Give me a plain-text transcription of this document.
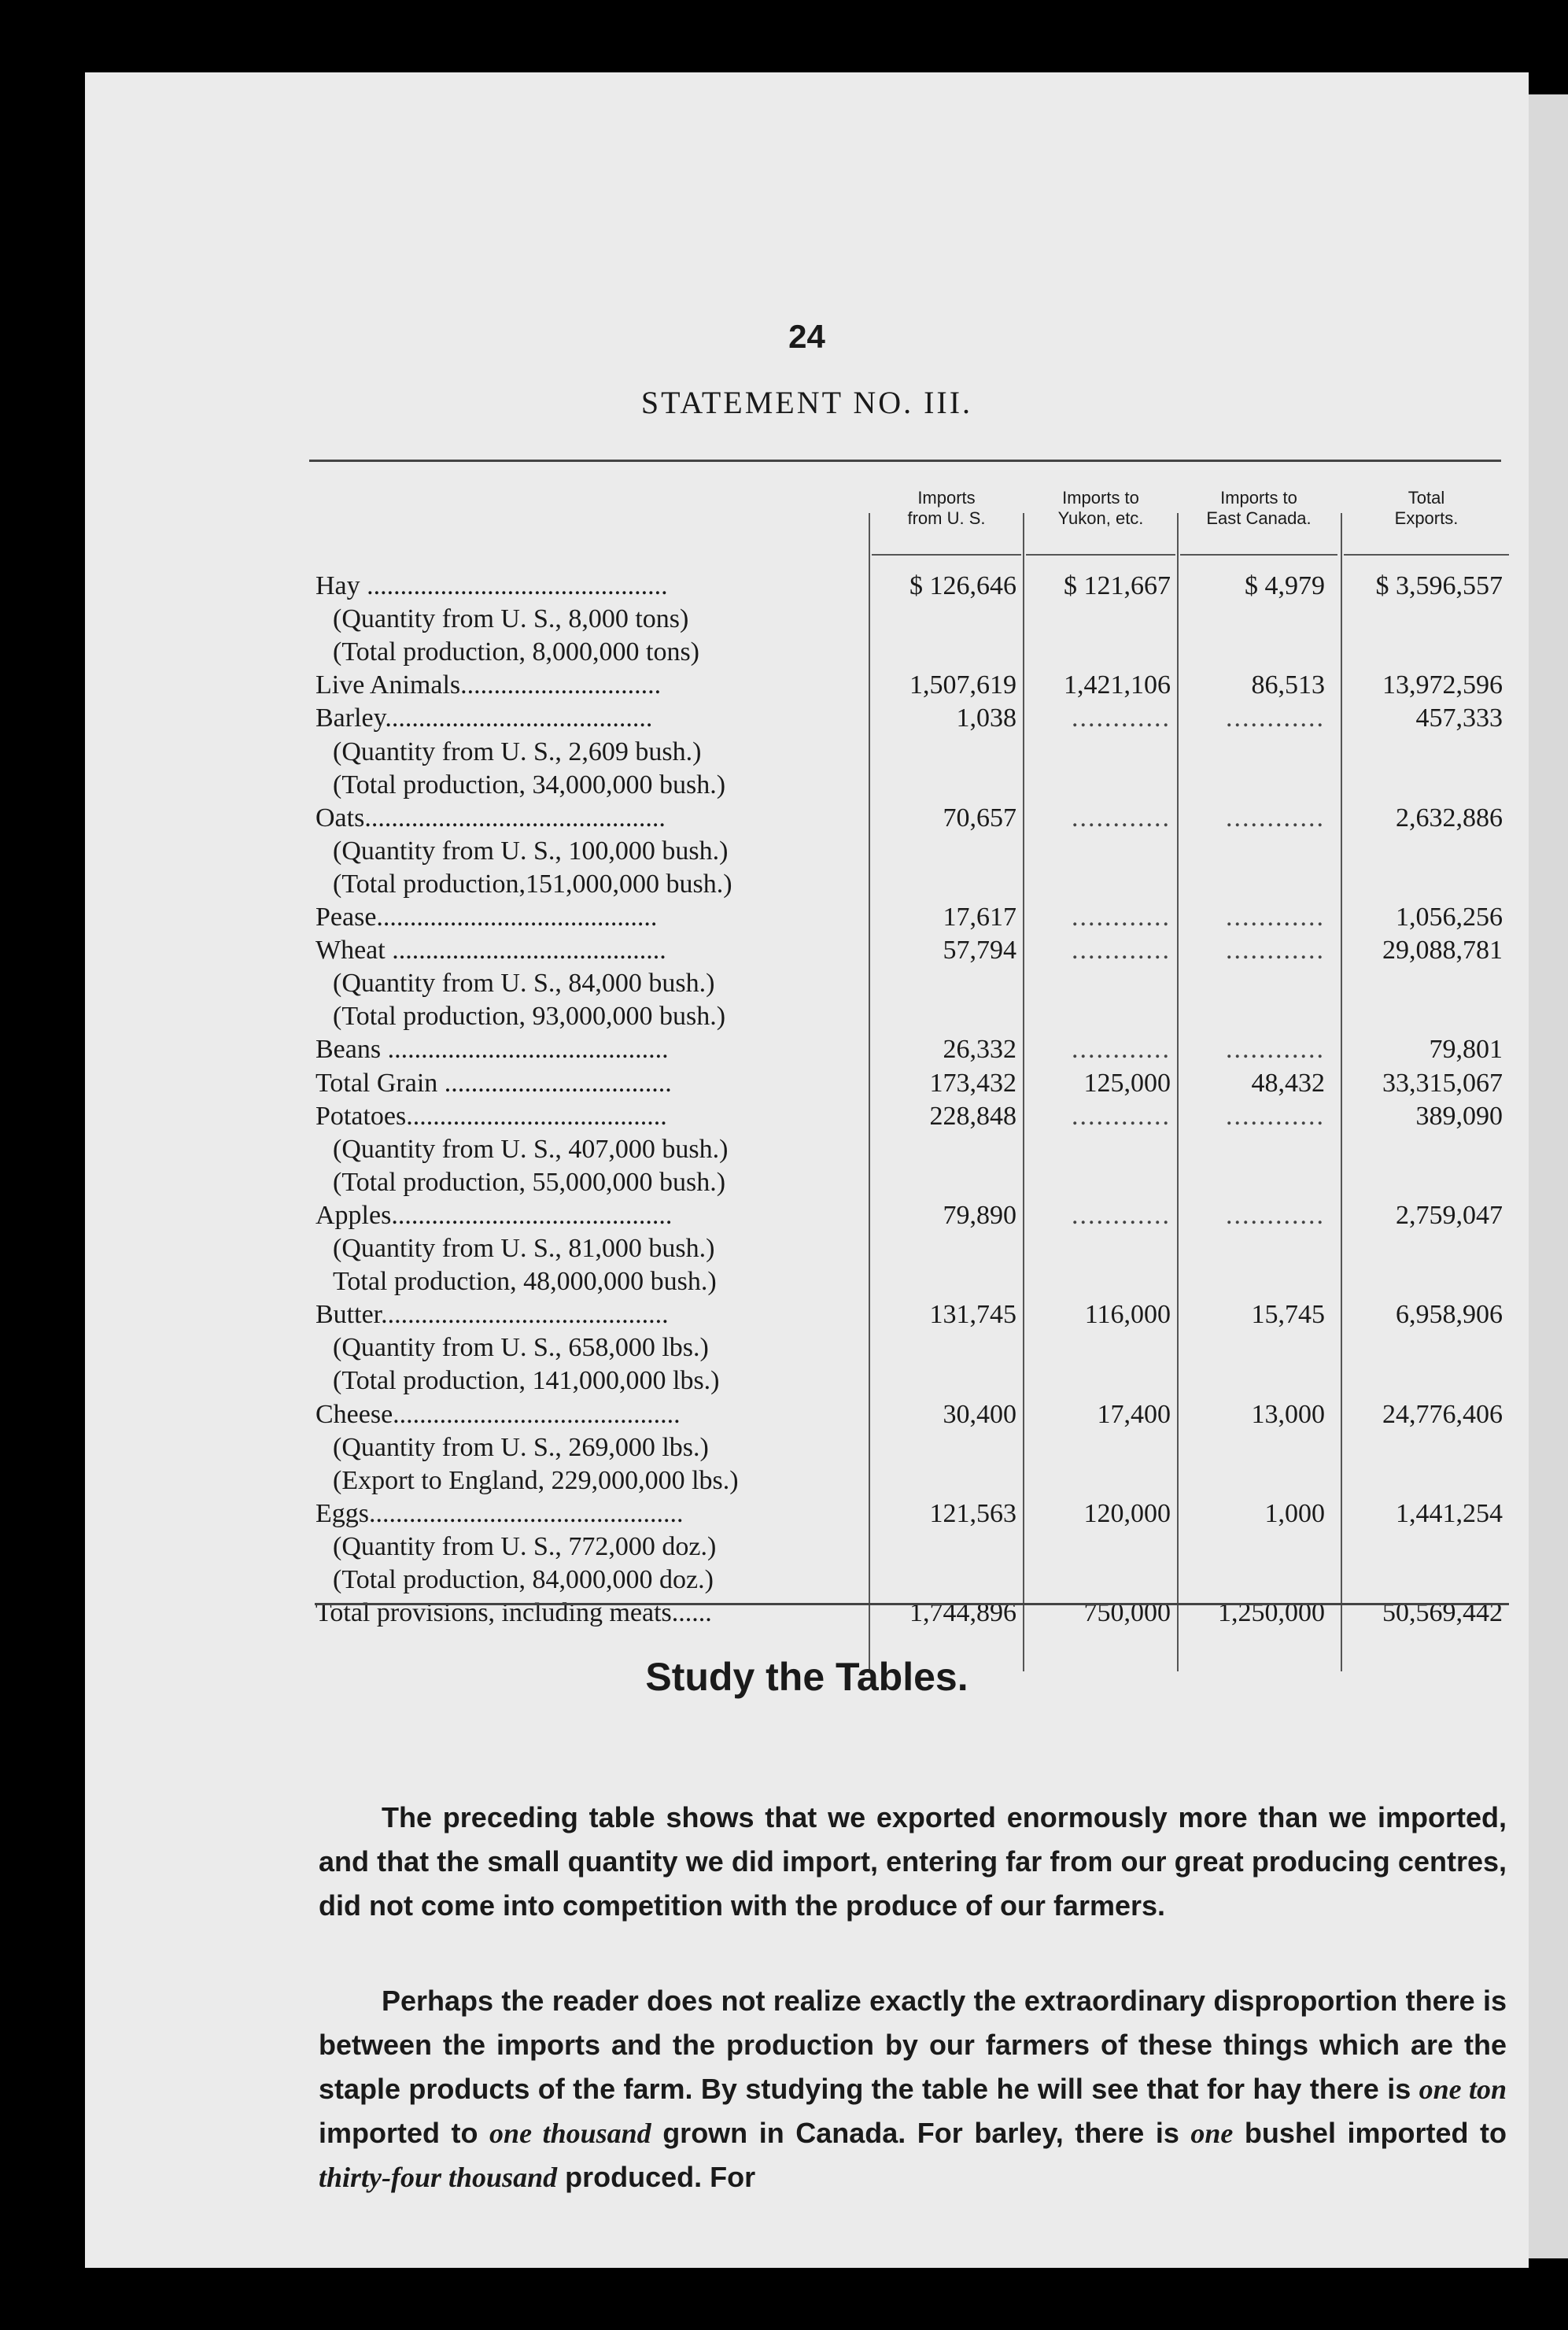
24
STATEMENT NO. III.
Imports
from U. S.
Imports to
Yukon, etc.
Imports to
East Canada.
Total
Exports.
Hay .............................................	$ 126,646	$ 121,667	$ 4,979	$ 3,596,557
(Quantity from U. S., 8,000 tons)
(Total production, 8,000,000 tons)
Live Animals..............................	1,507,619	1,421,106	86,513	13,972,596
Barley........................................	1,038	............	............	457,333
(Quantity from U. S., 2,609 bush.)
(Total production, 34,000,000 bush.)
Oats.............................................	70,657	............	............	2,632,886
(Quantity from U. S., 100,000 bush.)
(Total production,151,000,000 bush.)
Pease..........................................	17,617	............	............	1,056,256
Wheat .........................................	57,794	............	............	29,088,781
(Quantity from U. S., 84,000 bush.)
(Total production, 93,000,000 bush.)
Beans ..........................................	26,332	............	............	79,801
Total Grain ..................................	173,432	125,000	48,432	33,315,067
Potatoes.......................................	228,848	............	............	389,090
(Quantity from U. S., 407,000 bush.)
(Total production, 55,000,000 bush.)
Apples..........................................	79,890	............	............	2,759,047
(Quantity from U. S., 81,000 bush.)
Total production, 48,000,000 bush.)
Butter...........................................	131,745	116,000	15,745	6,958,906
(Quantity from U. S., 658,000 lbs.)
(Total production, 141,000,000 lbs.)
Cheese...........................................	30,400	17,400	13,000	24,776,406
(Quantity from U. S., 269,000 lbs.)
(Export to England, 229,000,000 lbs.)
Eggs...............................................	121,563	120,000	1,000	1,441,254
(Quantity from U. S., 772,000 doz.)
(Total production, 84,000,000 doz.)
Total provisions, including meats......	1,744,896	750,000	1,250,000	50,569,442
Study the Tables.

The preceding table shows that we exported enormously more than we imported, and that the small quantity we did import, entering far from our great producing centres, did not come into competition with the produce of our farmers.

Perhaps the reader does not realize exactly the extraordinary disproportion there is between the imports and the production by our farmers of these things which are the staple products of the farm. By studying the table he will see that for hay there is one ton imported to one thousand grown in Canada. For barley, there is one bushel imported to thirty-four thousand produced. For
